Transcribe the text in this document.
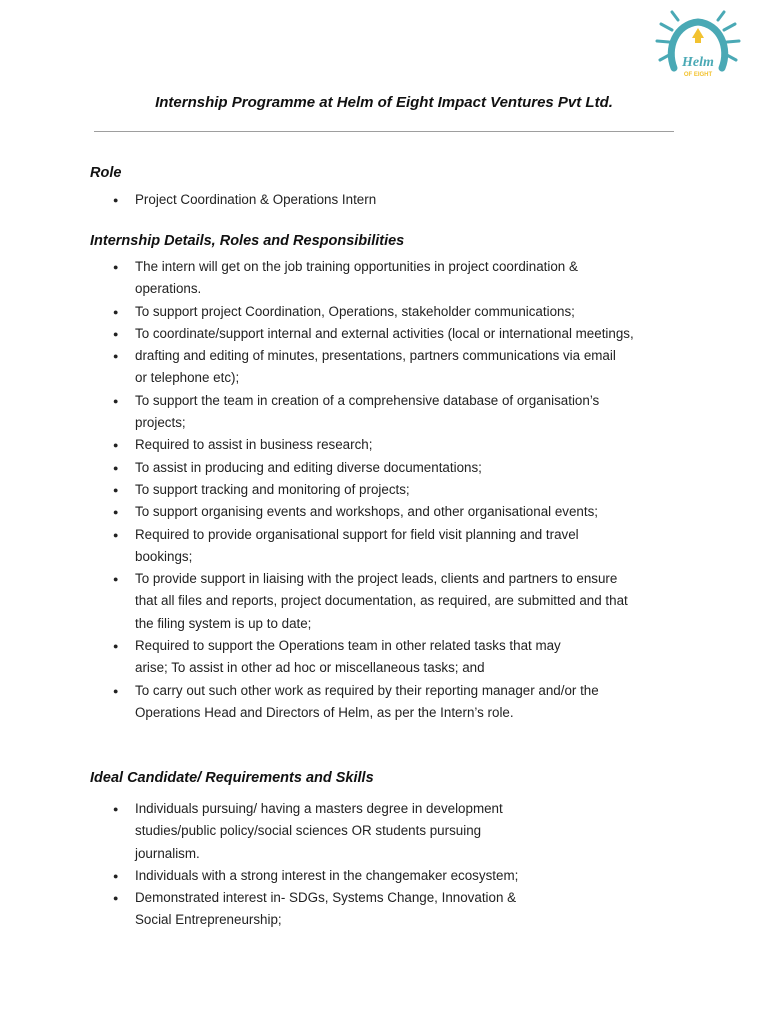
Helm
OF EIGHT
Internship Programme at Helm of Eight Impact Ventures Pvt Ltd.
Role
● Project Coordination & Operations Intern
Internship Details, Roles and Responsibilities
● The intern will get on the job training opportunities in project coordination &
operations.
● To support project Coordination, Operations, stakeholder communications;
● To coordinate/support internal and external activities (local or international meetings,
● drafting and editing of minutes, presentations, partners communications via email
or telephone etc);
● To support the team in creation of a comprehensive database of organisation’s
projects;
● Required to assist in business research;
● To assist in producing and editing diverse documentations;
● To support tracking and monitoring of projects;
● To support organising events and workshops, and other organisational events;
● Required to provide organisational support for field visit planning and travel
bookings;
● To provide support in liaising with the project leads, clients and partners to ensure
that all files and reports, project documentation, as required, are submitted and that
the filing system is up to date;
● Required to support the Operations team in other related tasks that may
arise; To assist in other ad hoc or miscellaneous tasks; and
● To carry out such other work as required by their reporting manager and/or the
Operations Head and Directors of Helm, as per the Intern’s role.
Ideal Candidate/ Requirements and Skills
● Individuals pursuing/ having a masters degree in development
studies/public policy/social sciences OR students pursuing
journalism.
● Individuals with a strong interest in the changemaker ecosystem;
● Demonstrated interest in- SDGs, Systems Change, Innovation &
Social Entrepreneurship;
